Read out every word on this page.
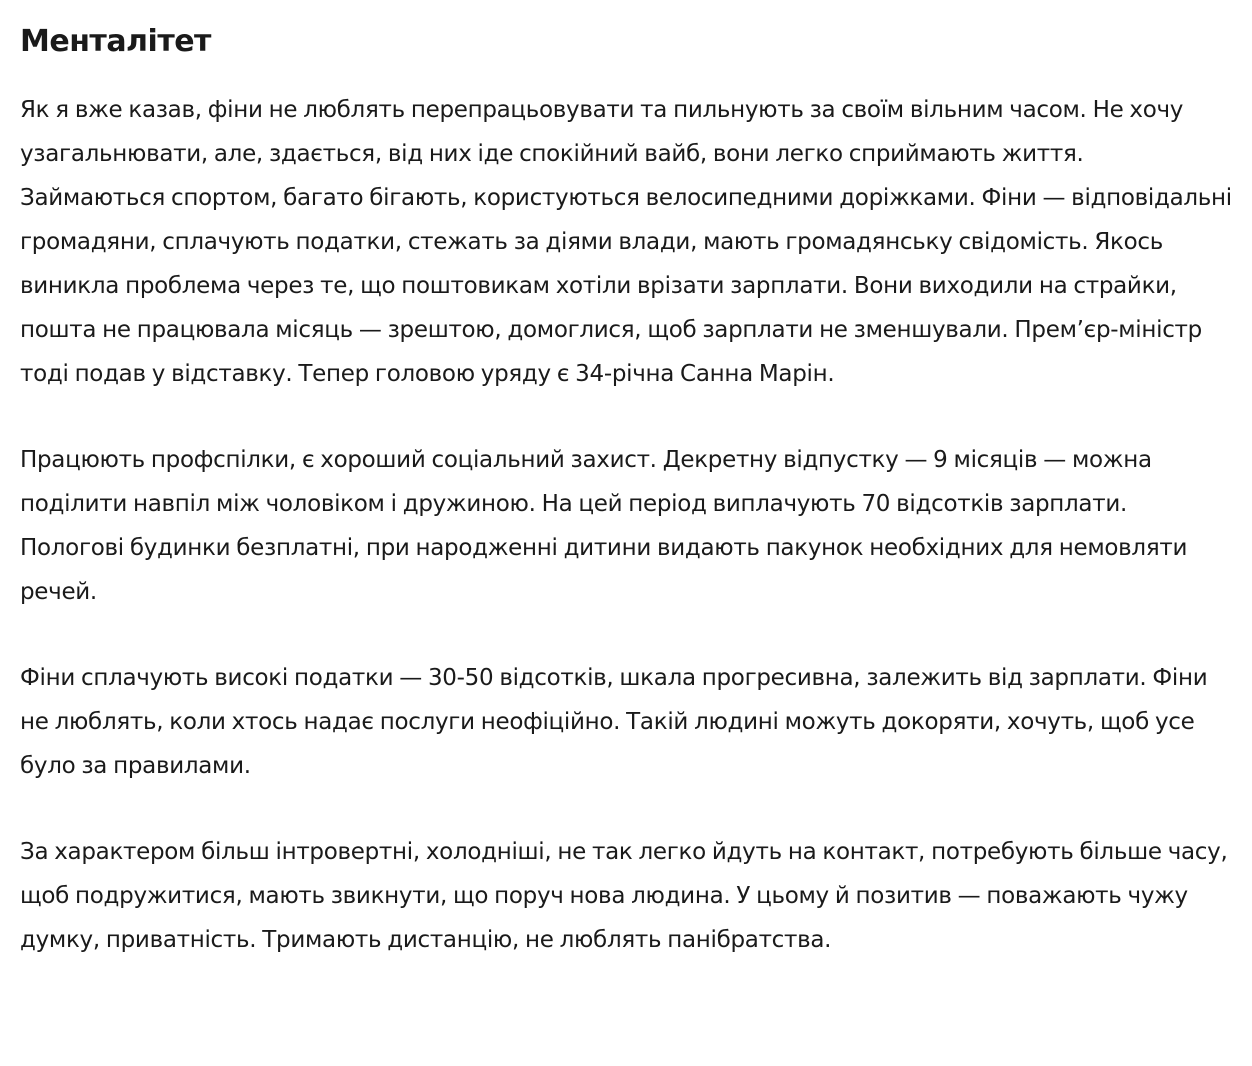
Менталітет

Як я вже казав, фіни не люблять перепрацьовувати та пильнують за своїм вільним часом. Не хочу узагальнювати, але, здається, від них іде спокійний вайб, вони легко сприймають життя. Займаються спортом, багато бігають, користуються велосипедними доріжками. Фіни — відповідальні громадяни, сплачують податки, стежать за діями влади, мають громадянську свідомість. Якось виникла проблема через те, що поштовикам хотіли врізати зарплати. Вони виходили на страйки, пошта не працювала місяць — зрештою, домоглися, щоб зарплати не зменшували. Прем’єр-міністр тоді подав у відставку. Тепер головою уряду є 34-річна Санна Марін.

Працюють профспілки, є хороший соціальний захист. Декретну відпустку — 9 місяців — можна поділити навпіл між чоловіком і дружиною. На цей період виплачують 70 відсотків зарплати. Пологові будинки безплатні, при народженні дитини видають пакунок необхідних для немовляти речей.

Фіни сплачують високі податки — 30-50 відсотків, шкала прогресивна, залежить від зарплати. Фіни не люблять, коли хтось надає послуги неофіційно. Такій людині можуть докоряти, хочуть, щоб усе було за правилами.

За характером більш інтровертні, холодніші, не так легко йдуть на контакт, потребують більше часу, щоб подружитися, мають звикнути, що поруч нова людина. У цьому й позитив — поважають чужу думку, приватність. Тримають дистанцію, не люблять панібратства.
